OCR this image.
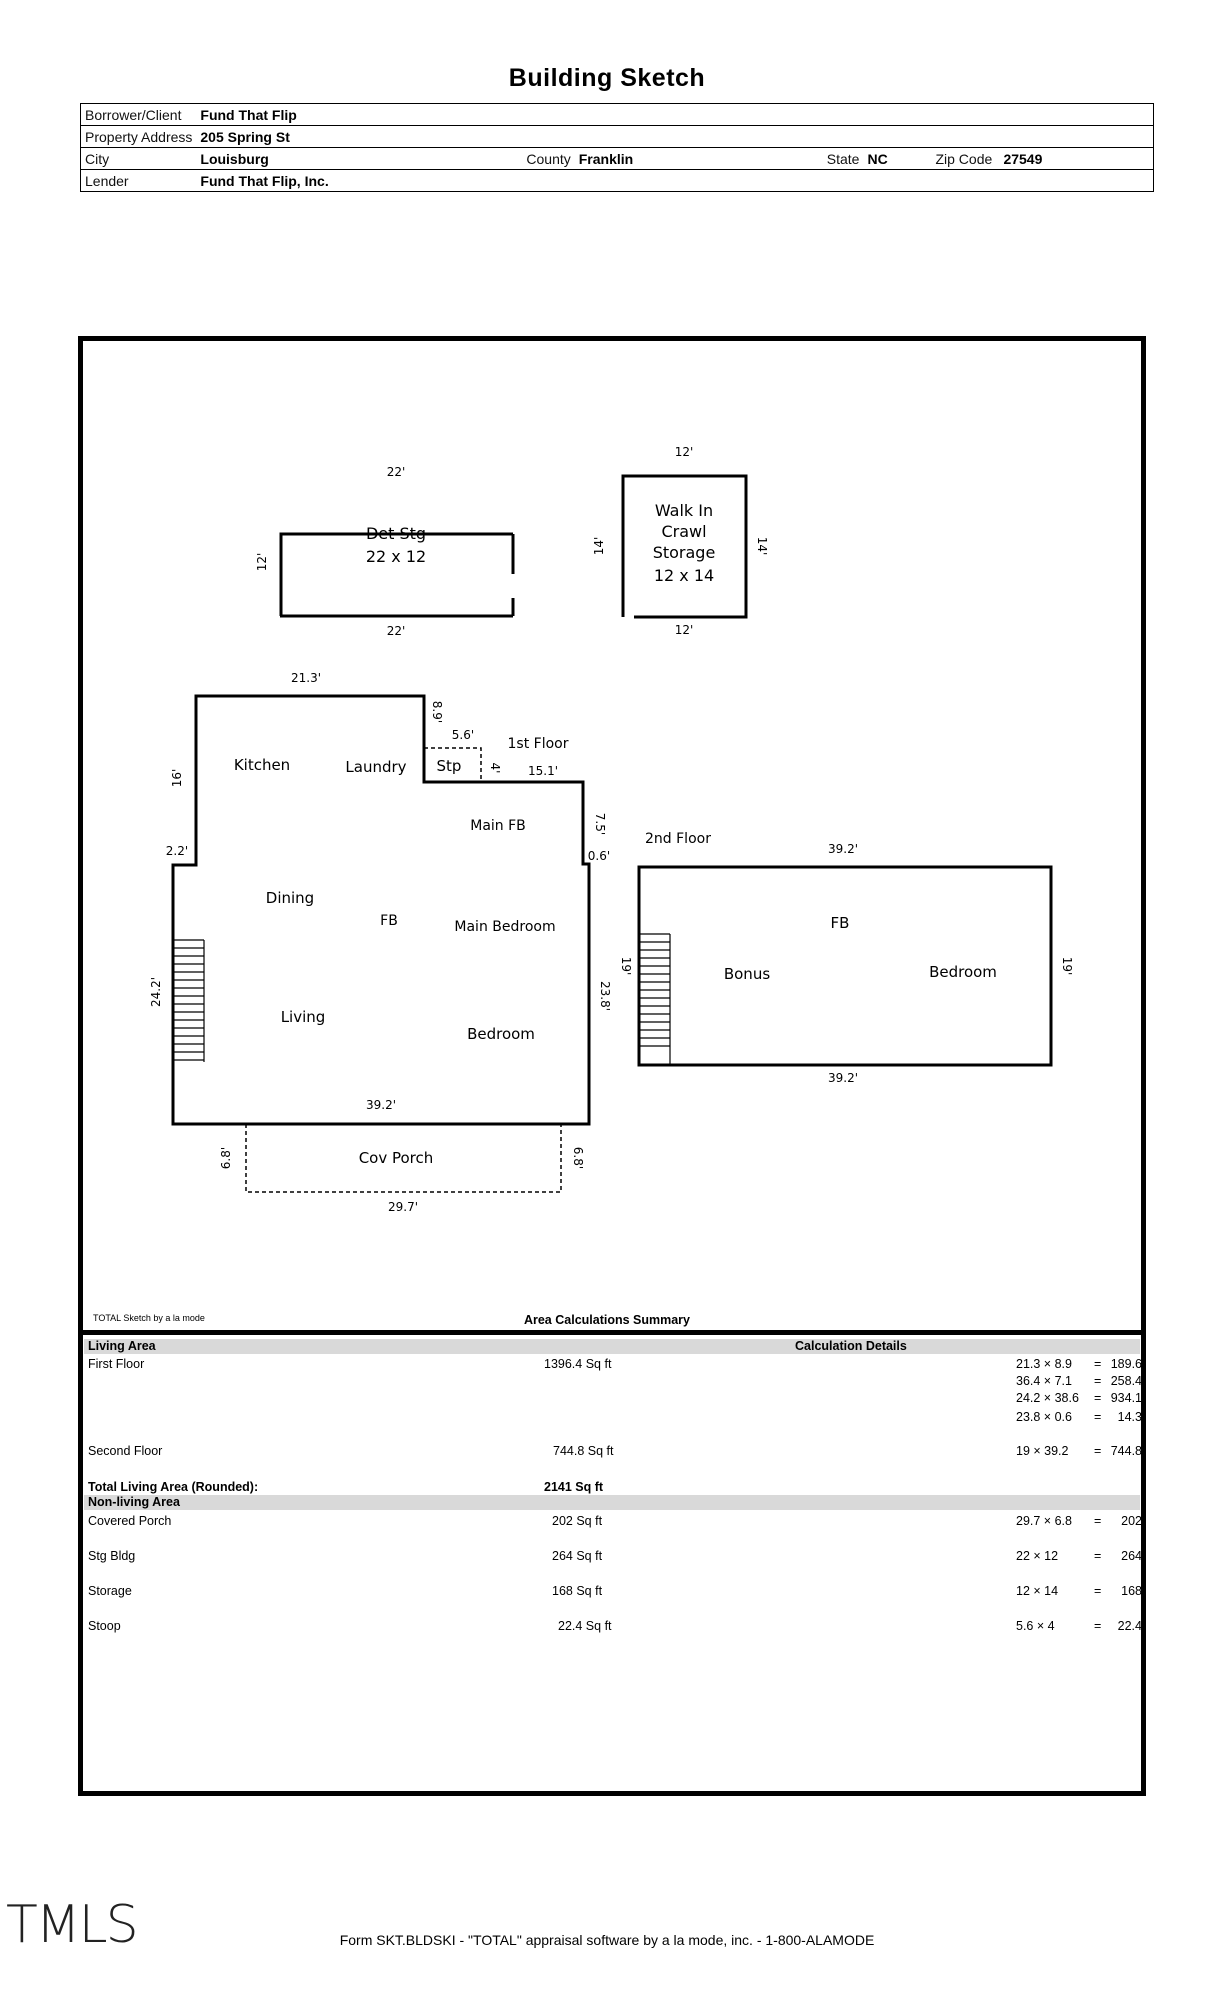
Building Sketch
Borrower/Client	Fund That Flip						
Property Address	205 Spring St						
City	Louisburg	County	Franklin	State	NC	Zip Code	27549
Lender	Fund That Flip, Inc.						
22'
22'
12'
Det Stg
22 x 12
12'
12'
14'	14'
Walk In
Crawl
Storage
12 x 14
21.3'
8.9'
5.6'
4' 15.1'
1st Floor
16'
2.2'
7.5'
0.6'
24.2'	23.8'
39.2'
6.8'	6.8'
29.7'
Kitchen	Laundry Stp
Main FB
Dining
FB	Main Bedroom
Living
Bedroom
Cov Porch
2nd Floor
39.2'
39.2'
19'	19'
FB
Bonus	Bedroom
TOTAL Sketch by a la mode	Area Calculations Summary
Living Area	Calculation Details
First Floor	1396.4 Sq ft	21.3 × 8.9 = 189.6
36.4 × 7.1 = 258.4
24.2 × 38.6 = 934.1
23.8 × 0.6 =	14.3
Second Floor	744.8 Sq ft	19 × 39.2 = 744.8
Total Living Area (Rounded):	2141 Sq ft
Non-living Area
Covered Porch	202 Sq ft	29.7 × 6.8 =	202
Stg Bldg	264 Sq ft	22 × 12	=	264
Storage	168 Sq ft	12 × 14	=	168
Stoop	22.4 Sq ft	5.6 × 4	=	22.4
TMLS	Form SKT.BLDSKI - "TOTAL" appraisal software by a la mode, inc. - 1-800-ALAMODE
